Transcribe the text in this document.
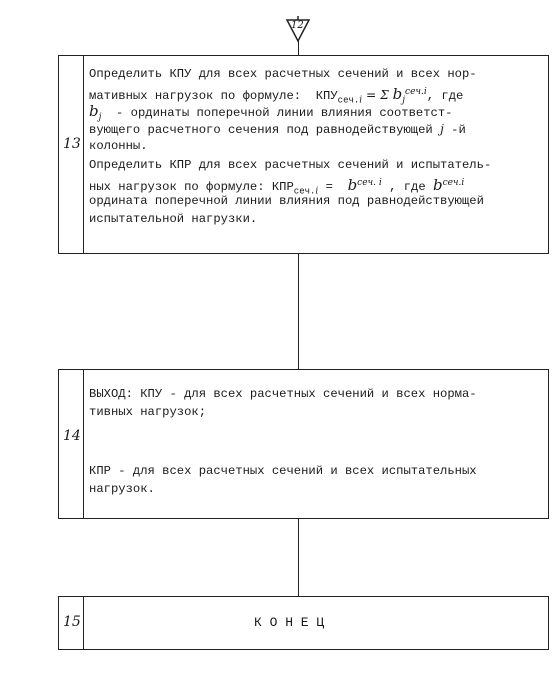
12
13
Определить КПУ для всех расчетных сечений и всех нор-
мативных нагрузок по формуле:  $КПУ_{сеч.i} = \Sigma$ $b_j^{сеч.i}$, где
$b_j$  - ординаты поперечной линии влияния соответст-
вующего расчетного сечения под равнодействующей j -й
колонны.
Определить КПР для всех расчетных сечений и испытатель-
ных нагрузок по формуле: $КПР_{сеч.i} = b^{сеч. i}$ , где $b^{сеч.i}$
ордината поперечной линии влияния под равнодействующей
испытательной нагрузки.
14
ВЫХОД: КПУ - для всех расчетных сечений и всех норма-
тивных нагрузок;
КПР - для всех расчетных сечений и всех испытательных
нагрузок.
15	К О Н Е Ц
